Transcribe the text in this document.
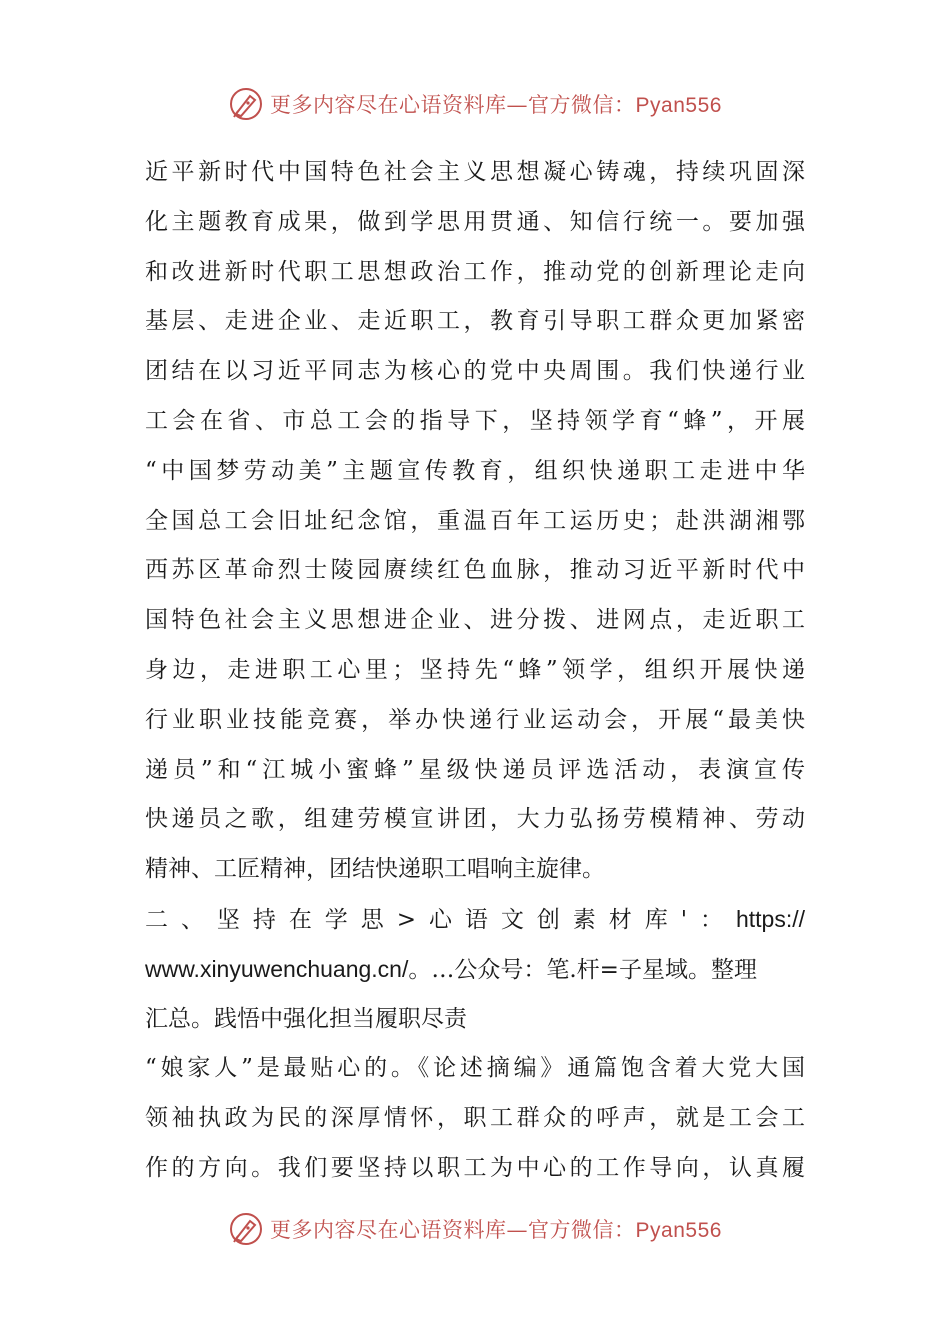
更多内容尽在心语资料库—官方微信：Pyan556
近平新时代中国特色社会主义思想凝心铸魂，持续巩固深
化主题教育成果，做到学思用贯通、知信行统一。要加强
和改进新时代职工思想政治工作，推动党的创新理论走向
基层、走进企业、走近职工，教育引导职工群众更加紧密
团结在以习近平同志为核心的党中央周围。我们快递行业
工会在省、市总工会的指导下，坚持领学育“蜂”，开展
“中国梦劳动美”主题宣传教育，组织快递职工走进中华
全国总工会旧址纪念馆，重温百年工运历史；赴洪湖湘鄂
西苏区革命烈士陵园赓续红色血脉，推动习近平新时代中
国特色社会主义思想进企业、进分拨、进网点，走近职工
身边，走进职工心里；坚持先“蜂”领学，组织开展快递
行业职业技能竞赛，举办快递行业运动会，开展“最美快
递员”和“江城小蜜蜂”星级快递员评选活动，表演宣传
快递员之歌，组建劳模宣讲团，大力弘扬劳模精神、劳动
精神、工匠精神，团结快递职工唱响主旋律。
二、坚持在学思>心语文创素材库'：https://
www.xinyuwenchuang.cn/。…公众号：笔.杆=子星域。整理
汇总。践悟中强化担当履职尽责
“娘家人”是最贴心的。《论述摘编》通篇饱含着大党大国
领袖执政为民的深厚情怀，职工群众的呼声，就是工会工
作的方向。我们要坚持以职工为中心的工作导向，认真履
更多内容尽在心语资料库—官方微信：Pyan556
